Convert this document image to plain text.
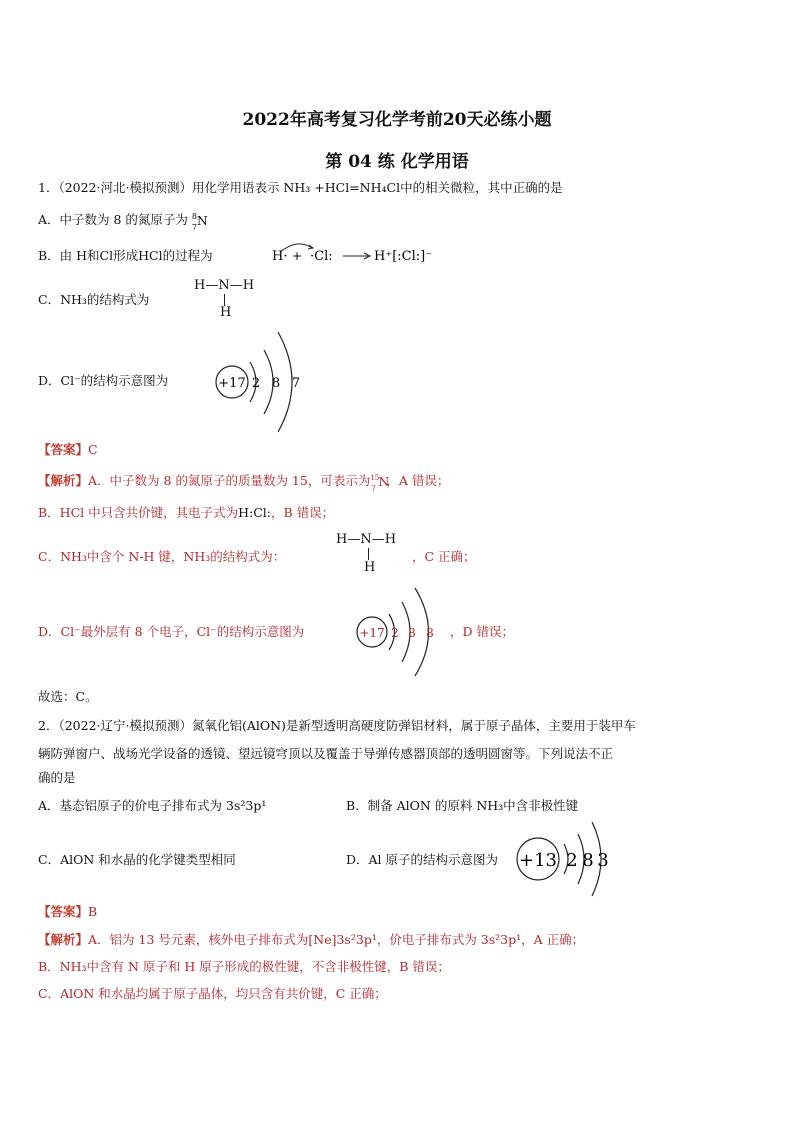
2022年高考复习化学考前20天必练小题
第 04 练 化学用语
1．（2022·河北·模拟预测）用化学用语表示 NH₃ +HCl=NH₄Cl中的相关微粒，其中正确的是
A．中子数为 8 的氮原子为 8
7 N
B．由 H和Cl形成HCl的过程为	H· + ·Cl:	H⁺[:Cl:]⁻
C．NH₃的结构式为
H—N—H
H
D．Cl⁻的结构示意图为	+17 2 8 7
【答案】C
【解析】A．中子数为 8 的氮原子的质量数为 15，可表示为 15
7 N
，A 错误；
B．HCl 中只含共价键，其电子式为H:Cl:，B 错误；
C．NH₃中含个 N-H 键，NH₃的结构式为：
H—N—H
H
，C 正确；
D．Cl⁻最外层有 8 个电子，Cl⁻的结构示意图为	+17 2 8 8 ，D 错误；
故选：C。
2．（2022·辽宁·模拟预测）氮氧化铝(AlON)是新型透明高硬度防弹铝材料，属于原子晶体，主要用于装甲车
辆防弹窗户、战场光学设备的透镜、望远镜穹顶以及覆盖于导弹传感器顶部的透明圆窗等。下列说法不正
确的是
A．基态铝原子的价电子排布式为 3s²3p¹	B．制备 AlON 的原料 NH₃中含非极性键
C．AlON 和水晶的化学键类型相同	D．Al 原子的结构示意图为 +13 2 8 3
【答案】B
【解析】A．铝为 13 号元素，核外电子排布式为[Ne]3s²3p¹，价电子排布式为 3s²3p¹，A 正确；
B．NH₃中含有 N 原子和 H 原子形成的极性键，不含非极性键，B 错误；
C．AlON 和水晶均属于原子晶体，均只含有共价键，C 正确；
